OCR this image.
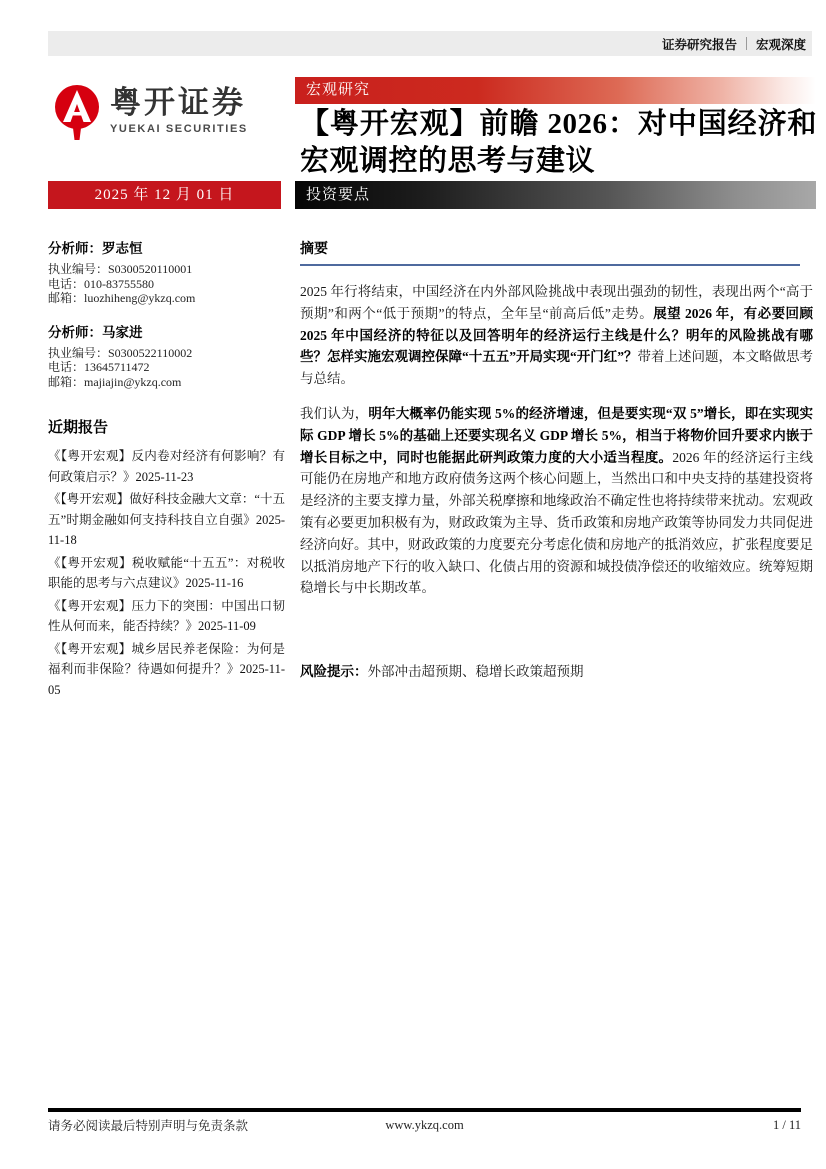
证券研究报告 宏观深度
粤开证券
YUEKAI SECURITIES
宏观研究
【粤开宏观】前瞻 2026：对中国经济和宏观调控的思考与建议
2025 年 12 月 01 日	投资要点
分析师：罗志恒
执业编号：S0300520110001
电话：010-83755580
邮箱：luozhiheng@ykzq.com
分析师：马家进
执业编号：S0300522110002
电话：13645711472
邮箱：majiajin@ykzq.com
近期报告
《【粤开宏观】反内卷对经济有何影响？有何政策启示？》2025-11-23
《【粤开宏观】做好科技金融大文章：“十五五”时期金融如何支持科技自立自强》2025-11-18
《【粤开宏观】税收赋能“十五五”：对税收职能的思考与六点建议》2025-11-16
《【粤开宏观】压力下的突围：中国出口韧性从何而来，能否持续？》2025-11-09
《【粤开宏观】城乡居民养老保险：为何是福利而非保险？待遇如何提升？》2025-11-05
摘要
2025 年行将结束，中国经济在内外部风险挑战中表现出强劲的韧性，表现出两个“高于预期”和两个“低于预期”的特点，全年呈“前高后低”走势。展望 2026 年，有必要回顾 2025 年中国经济的特征以及回答明年的经济运行主线是什么？明年的风险挑战有哪些？怎样实施宏观调控保障“十五五”开局实现“开门红”？带着上述问题，本文略做思考与总结。
我们认为，明年大概率仍能实现 5%的经济增速，但是要实现“双 5”增长，即在实现实际 GDP 增长 5%的基础上还要实现名义 GDP 增长 5%，相当于将物价回升要求内嵌于增长目标之中，同时也能据此研判政策力度的大小适当程度。2026 年的经济运行主线可能仍在房地产和地方政府债务这两个核心问题上，当然出口和中央支持的基建投资将是经济的主要支撑力量，外部关税摩擦和地缘政治不确定性也将持续带来扰动。宏观政策有必要更加积极有为，财政政策为主导、货币政策和房地产政策等协同发力共同促进经济向好。其中，财政政策的力度要充分考虑化债和房地产的抵消效应，扩张程度要足以抵消房地产下行的收入缺口、化债占用的资源和城投债净偿还的收缩效应。统筹短期稳增长与中长期改革。
风险提示：外部冲击超预期、稳增长政策超预期
请务必阅读最后特别声明与免责条款	www.ykzq.com	1 / 11
